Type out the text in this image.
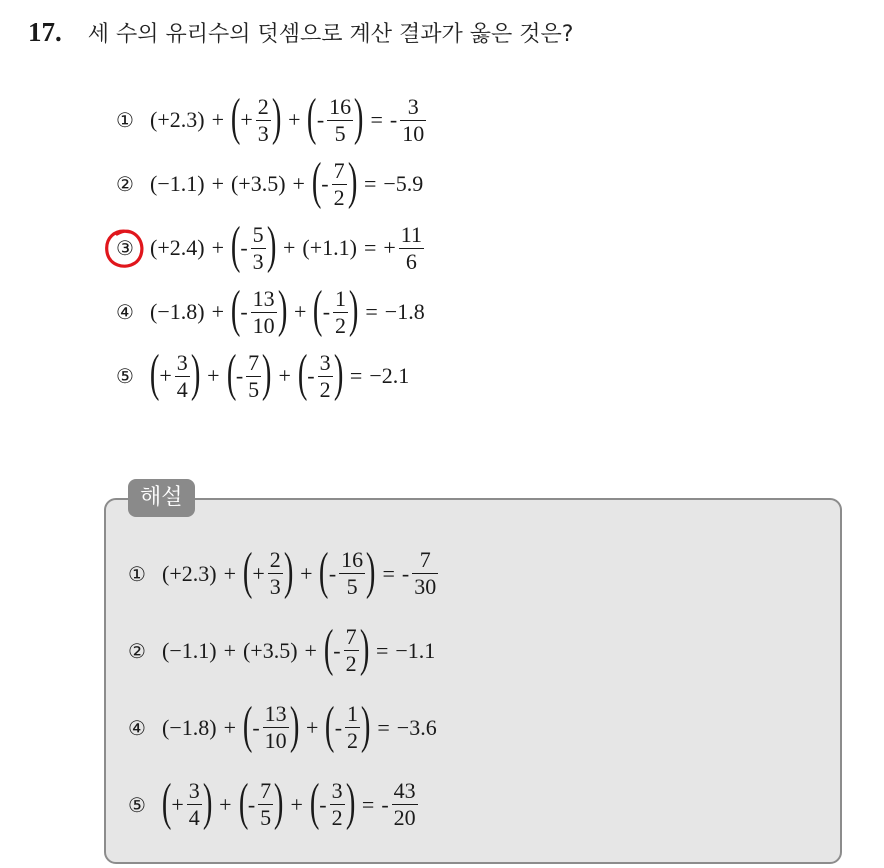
17. 세 수의 유리수의 덧셈으로 계산 결과가 옳은 것은?
① (+2.3) + ( + $\frac{2}{3}$ ) + ( - $\frac{16}{5}$ ) = - $\frac{3}{10}$
② (−1.1) + (+3.5) + ( - $\frac{7}{2}$ ) = −5.9
③ (+2.4) + ( - $\frac{5}{3}$ ) + (+1.1) = + $\frac{11}{6}$
④ (−1.8) + ( - $\frac{13}{10}$ ) + ( - $\frac{1}{2}$ ) = −1.8
⑤ ( + $\frac{3}{4}$ ) + ( - $\frac{7}{5}$ ) + ( - $\frac{3}{2}$ ) = −2.1
해설
① (+2.3) + ( + $\frac{2}{3}$ ) + ( - $\frac{16}{5}$ ) = - $\frac{7}{30}$
② (−1.1) + (+3.5) + ( - $\frac{7}{2}$ ) = −1.1
④ (−1.8) + ( - $\frac{13}{10}$ ) + ( - $\frac{1}{2}$ ) = −3.6
⑤ ( + $\frac{3}{4}$ ) + ( - $\frac{7}{5}$ ) + ( - $\frac{3}{2}$ ) = - $\frac{43}{20}$
